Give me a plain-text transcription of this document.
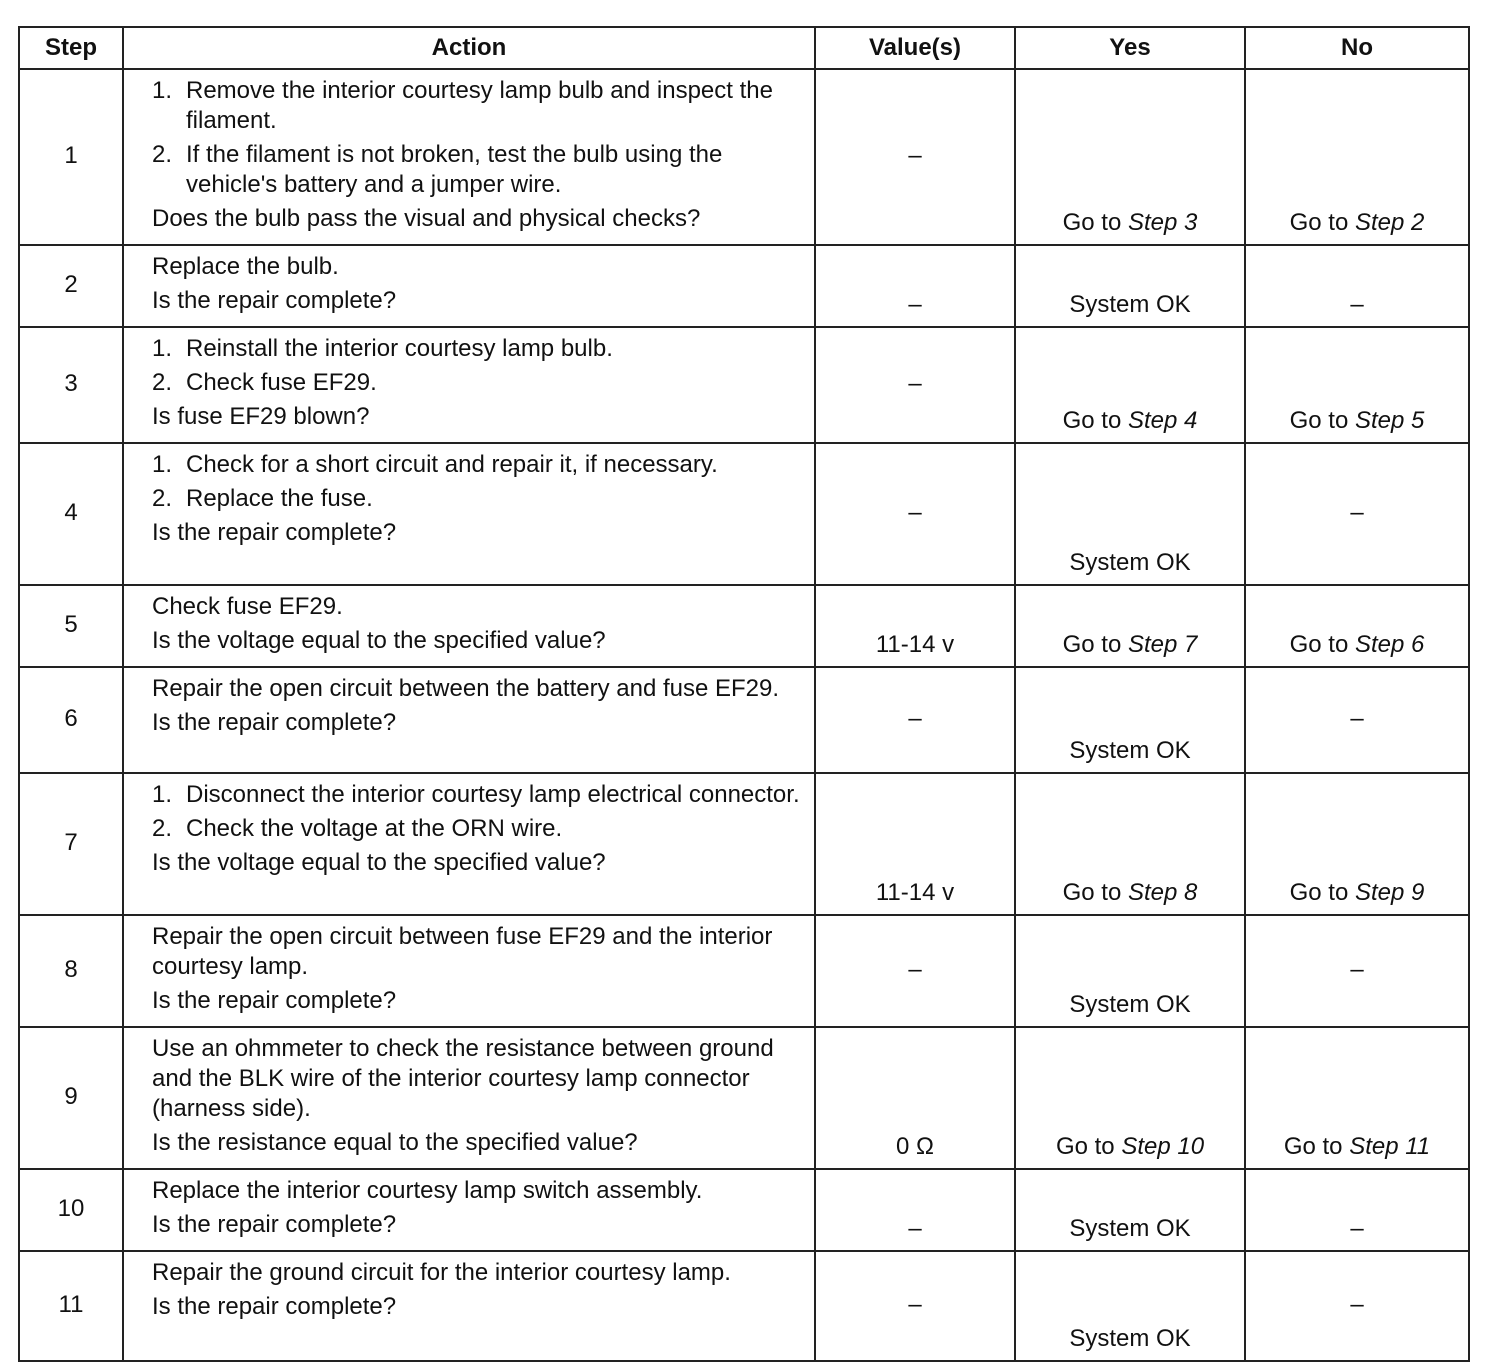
Step	Action	Value(s)	Yes	No
1	1. Remove the interior courtesy lamp bulb and inspect the filament.
2. If the filament is not broken, test the bulb using the vehicle's battery and a jumper wire.
Does the bulb pass the visual and physical checks?	–	Go to Step 3	Go to Step 2
2	Replace the bulb.
Is the repair complete?	–	System OK	–
3	1. Reinstall the interior courtesy lamp bulb.
2. Check fuse EF29.
Is fuse EF29 blown?	–	Go to Step 4	Go to Step 5
4	1. Check for a short circuit and repair it, if necessary.
2. Replace the fuse.
Is the repair complete?	–	System OK	–
5	Check fuse EF29.
Is the voltage equal to the specified value?	11-14 v	Go to Step 7	Go to Step 6
6	Repair the open circuit between the battery and fuse EF29.
Is the repair complete?	–	System OK	–
7	1. Disconnect the interior courtesy lamp electrical connector.
2. Check the voltage at the ORN wire.
Is the voltage equal to the specified value?	11-14 v	Go to Step 8	Go to Step 9
8	Repair the open circuit between fuse EF29 and the interior courtesy lamp.
Is the repair complete?	–	System OK	–
9	Use an ohmmeter to check the resistance between ground and the BLK wire of the interior courtesy lamp connector (harness side).
Is the resistance equal to the specified value?	0 Ω	Go to Step 10	Go to Step 11
10	Replace the interior courtesy lamp switch assembly.
Is the repair complete?	–	System OK	–
11	Repair the ground circuit for the interior courtesy lamp.
Is the repair complete?	–	System OK	–
